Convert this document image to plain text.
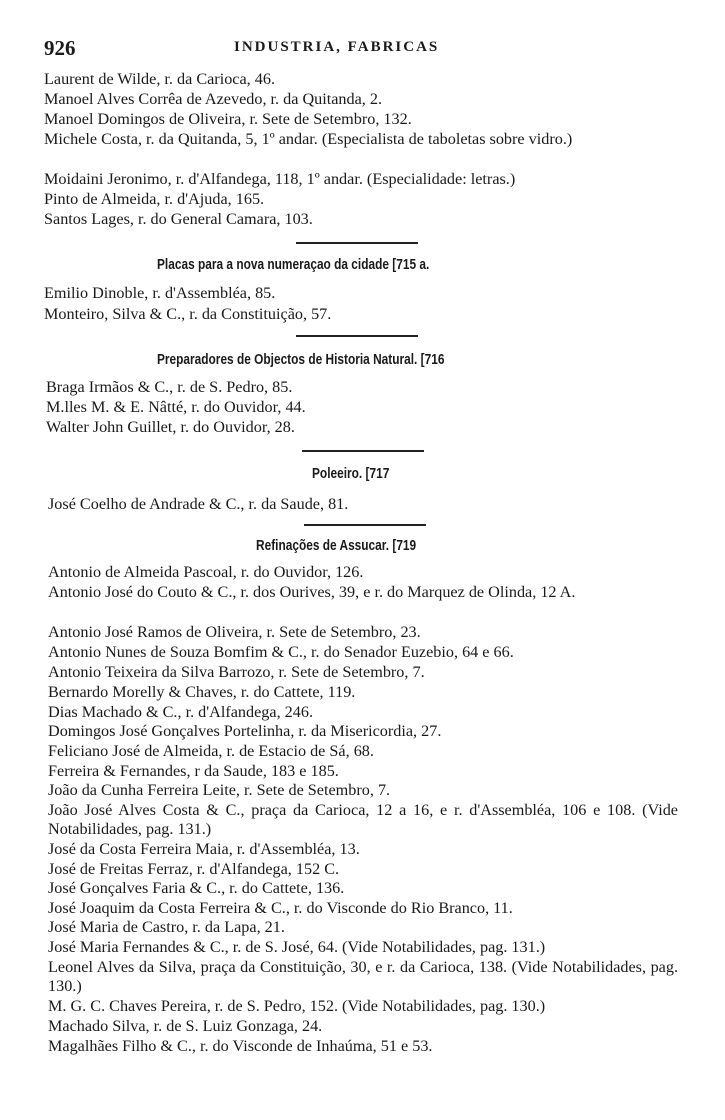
926	INDUSTRIA, FABRICAS
Laurent de Wilde, r. da Carioca, 46.
Manoel Alves Corrêa de Azevedo, r. da Quitanda, 2.
Manoel Domingos de Oliveira, r. Sete de Setembro, 132.
Michele Costa, r. da Quitanda, 5, 1º andar. (Especialista de taboletas sobre vidro.)
Moidaini Jeronimo, r. d'Alfandega, 118, 1º andar. (Especialidade: letras.)
Pinto de Almeida, r. d'Ajuda, 165.
Santos Lages, r. do General Camara, 103.
Placas para a nova numeraçao da cidade [715 a.
Emilio Dinoble, r. d'Assembléa, 85.
Monteiro, Silva & C., r. da Constituição, 57.
Preparadores de Objectos de Historia Natural. [716
Braga Irmãos & C., r. de S. Pedro, 85.
M.lles M. & E. Nâtté, r. do Ouvidor, 44.
Walter John Guillet, r. do Ouvidor, 28.
Poleeiro. [717
José Coelho de Andrade & C., r. da Saude, 81.
Refinações de Assucar. [719
Antonio de Almeida Pascoal, r. do Ouvidor, 126.
Antonio José do Couto & C., r. dos Ourives, 39, e r. do Marquez de Olinda, 12 A.
Antonio José Ramos de Oliveira, r. Sete de Setembro, 23.
Antonio Nunes de Souza Bomfim & C., r. do Senador Euzebio, 64 e 66.
Antonio Teixeira da Silva Barrozo, r. Sete de Setembro, 7.
Bernardo Morelly & Chaves, r. do Cattete, 119.
Dias Machado & C., r. d'Alfandega, 246.
Domingos José Gonçalves Portelinha, r. da Misericordia, 27.
Feliciano José de Almeida, r. de Estacio de Sá, 68.
Ferreira & Fernandes, r da Saude, 183 e 185.
João da Cunha Ferreira Leite, r. Sete de Setembro, 7.
João José Alves Costa & C., praça da Carioca, 12 a 16, e r. d'Assembléa, 106 e 108. (Vide Notabilidades, pag. 131.)
José da Costa Ferreira Maia, r. d'Assembléa, 13.
José de Freitas Ferraz, r. d'Alfandega, 152 C.
José Gonçalves Faria & C., r. do Cattete, 136.
José Joaquim da Costa Ferreira & C., r. do Visconde do Rio Branco, 11.
José Maria de Castro, r. da Lapa, 21.
José Maria Fernandes & C., r. de S. José, 64. (Vide Notabilidades, pag. 131.)
Leonel Alves da Silva, praça da Constituição, 30, e r. da Carioca, 138. (Vide Notabilidades, pag. 130.)
M. G. C. Chaves Pereira, r. de S. Pedro, 152. (Vide Notabilidades, pag. 130.)
Machado Silva, r. de S. Luiz Gonzaga, 24.
Magalhães Filho & C., r. do Visconde de Inhaúma, 51 e 53.
